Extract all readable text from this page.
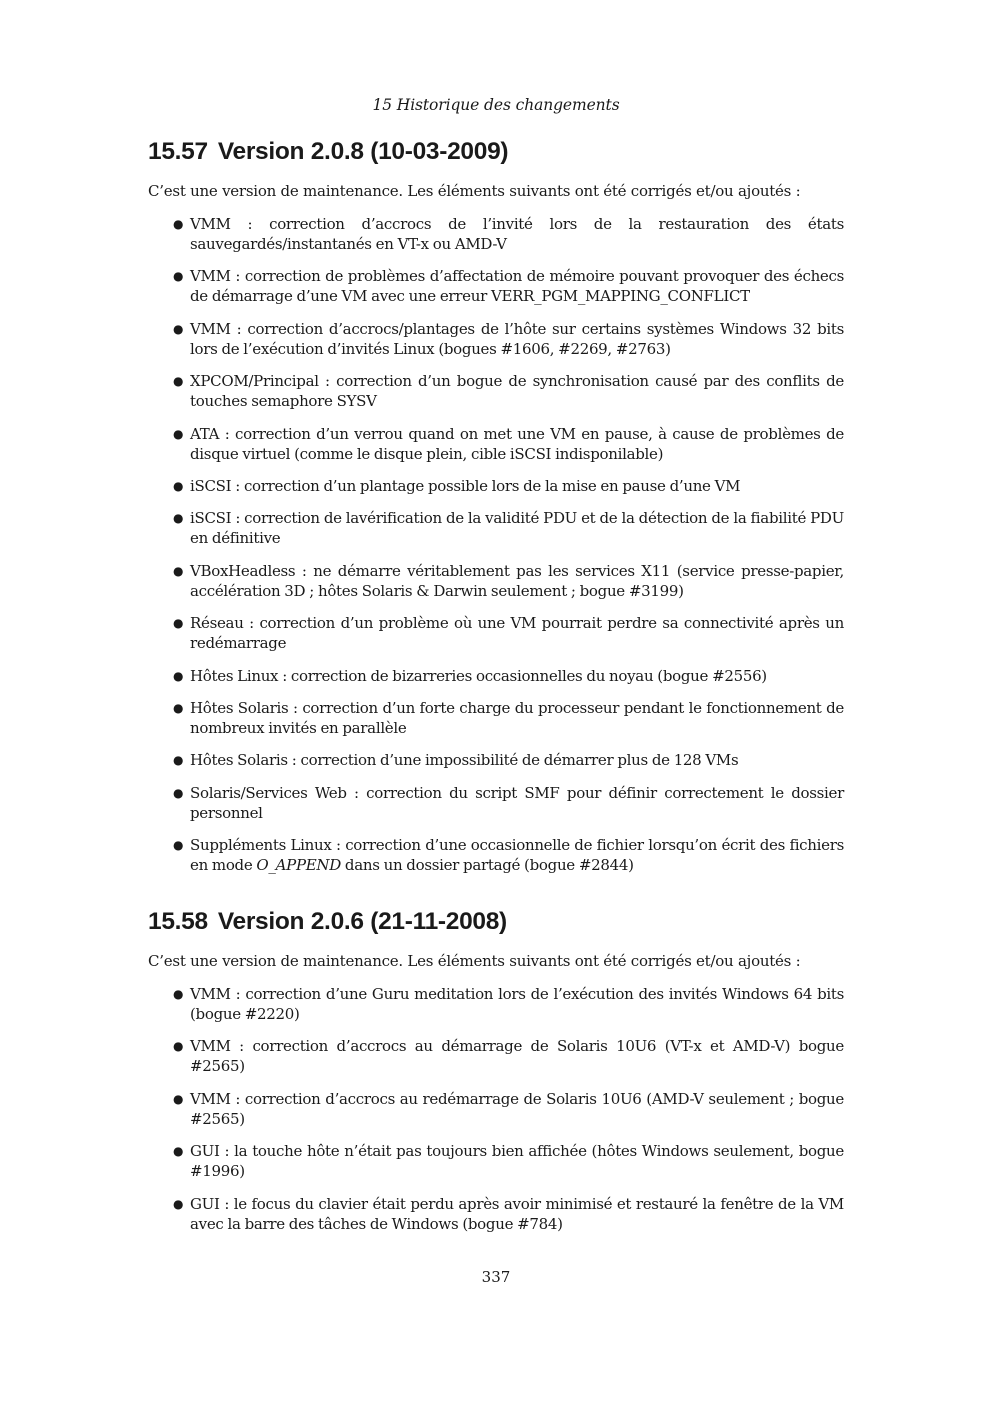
15 Historique des changements
15.57 Version 2.0.8 (10-03-2009)

C’est une version de maintenance. Les éléments suivants ont été corrigés et/ou ajoutés :

● VMM : correction d’accrocs de l’invité lors de la restauration des états sauvegardés/instantanés en VT-x ou AMD-V
● VMM : correction de problèmes d’affectation de mémoire pouvant provoquer des échecs de démarrage d’une VM avec une erreur VERR_PGM_MAPPING_CONFLICT
● VMM : correction d’accrocs/plantages de l’hôte sur certains systèmes Windows 32 bits lors de l’exécution d’invités Linux (bogues #1606, #2269, #2763)
● XPCOM/Principal : correction d’un bogue de synchronisation causé par des conflits de touches semaphore SYSV
● ATA : correction d’un verrou quand on met une VM en pause, à cause de problèmes de disque virtuel (comme le disque plein, cible iSCSI indisponilable)
● iSCSI : correction d’un plantage possible lors de la mise en pause d’une VM
● iSCSI : correction de lavérification de la validité PDU et de la détection de la fiabilité PDU en définitive
● VBoxHeadless : ne démarre véritablement pas les services X11 (service presse-papier, accélération 3D ; hôtes Solaris & Darwin seulement ; bogue #3199)
● Réseau : correction d’un problème où une VM pourrait perdre sa connectivité après un redémarrage
● Hôtes Linux : correction de bizarreries occasionnelles du noyau (bogue #2556)
● Hôtes Solaris : correction d’un forte charge du processeur pendant le fonctionnement de nombreux invités en parallèle
● Hôtes Solaris : correction d’une impossibilité de démarrer plus de 128 VMs
● Solaris/Services Web : correction du script SMF pour définir correctement le dossier personnel
● Suppléments Linux : correction d’une occasionnelle de fichier lorsqu’on écrit des fichiers en mode O_APPEND dans un dossier partagé (bogue #2844)
15.58 Version 2.0.6 (21-11-2008)

C’est une version de maintenance. Les éléments suivants ont été corrigés et/ou ajoutés :

● VMM : correction d’une Guru meditation lors de l’exécution des invités Windows 64 bits (bogue #2220)
● VMM : correction d’accrocs au démarrage de Solaris 10U6 (VT-x et AMD-V) bogue #2565)
● VMM : correction d’accrocs au redémarrage de Solaris 10U6 (AMD-V seulement ; bogue #2565)
● GUI : la touche hôte n’était pas toujours bien affichée (hôtes Windows seulement, bogue #1996)
● GUI : le focus du clavier était perdu après avoir minimisé et restauré la fenêtre de la VM avec la barre des tâches de Windows (bogue #784)
337
